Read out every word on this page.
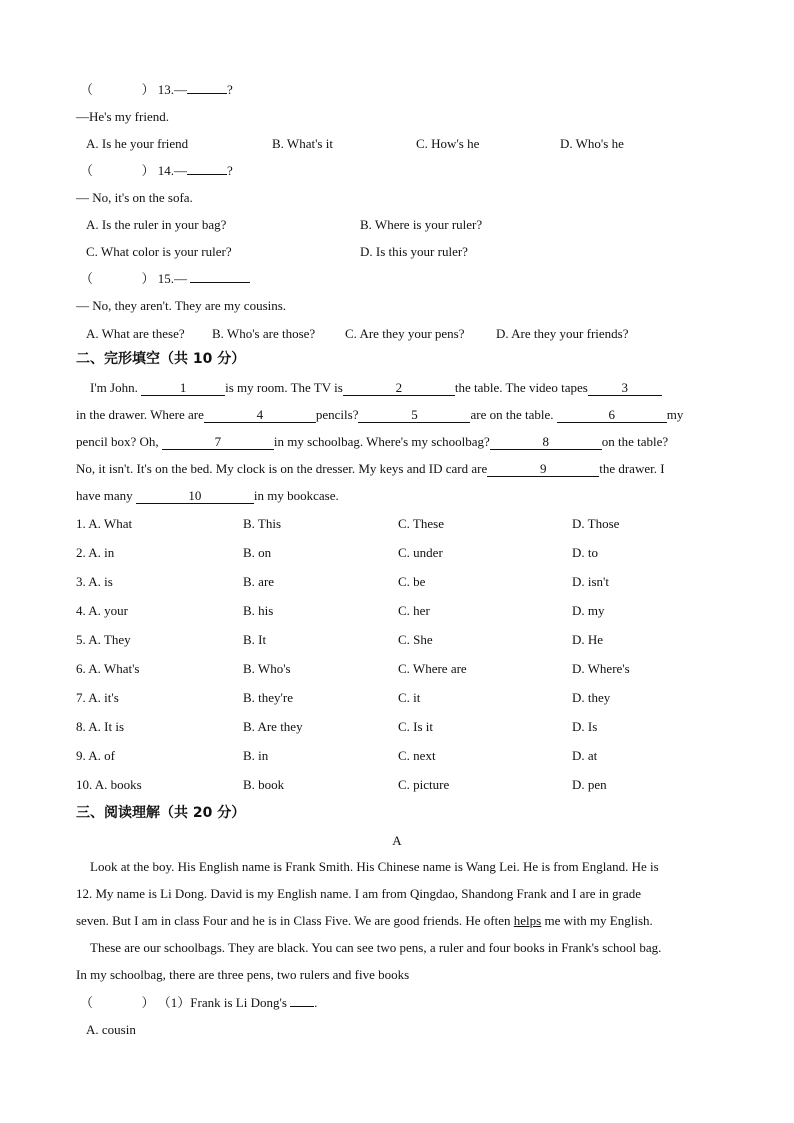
（	） 13.—	?
—He's my friend.
A. Is he your friend	B. What's it	C. How's he	D. Who's he
（	） 14.—	?
— No, it's on the sofa.
A. Is the ruler in your bag?	B. Where is your ruler?
C. What color is your ruler?	D. Is this your ruler?
（	） 15.—
— No, they aren't. They are my cousins.
A. What are these? B. Who's are those? C. Are they your pens? D. Are they your friends?
二、完形填空（共 10 分）
I'm John.	1	is my room. The TV is	2	the table. The video tapes	3
in the drawer. Where are	4	pencils?	5	are on the table.	6	my
pencil box? Oh,	7	in my schoolbag. Where's my schoolbag?	8	on the table?
No, it isn't. It's on the bed. My clock is on the dresser. My keys and ID card are	9	the drawer. I
have many	10	in my bookcase.
1. A. What	B. This	C. These	D. Those
2. A. in	B. on	C. under	D. to
3. A. is	B. are	C. be	D. isn't
4. A. your	B. his	C. her	D. my
5. A. They	B. It	C. She	D. He
6. A. What's	B. Who's	C. Where are	D. Where's
7. A. it's	B. they're	C. it	D. they
8. A. It is	B. Are they	C. Is it	D. Is
9. A. of	B. in	C. next	D. at
10. A. books	B. book	C. picture	D. pen
三、阅读理解（共 20 分）
A
Look at the boy. His English name is Frank Smith. His Chinese name is Wang Lei. He is from England. He is
12. My name is Li Dong. David is my English name. I am from Qingdao, Shandong Frank and I are in grade
seven. But I am in class Four and he is in Class Five. We are good friends. He often helps me with my English.
These are our schoolbags. They are black. You can see two pens, a ruler and four books in Frank's school bag.
In my schoolbag, there are three pens, two rulers and five books
（	） （1）Frank is Li Dong's .
A. cousin
